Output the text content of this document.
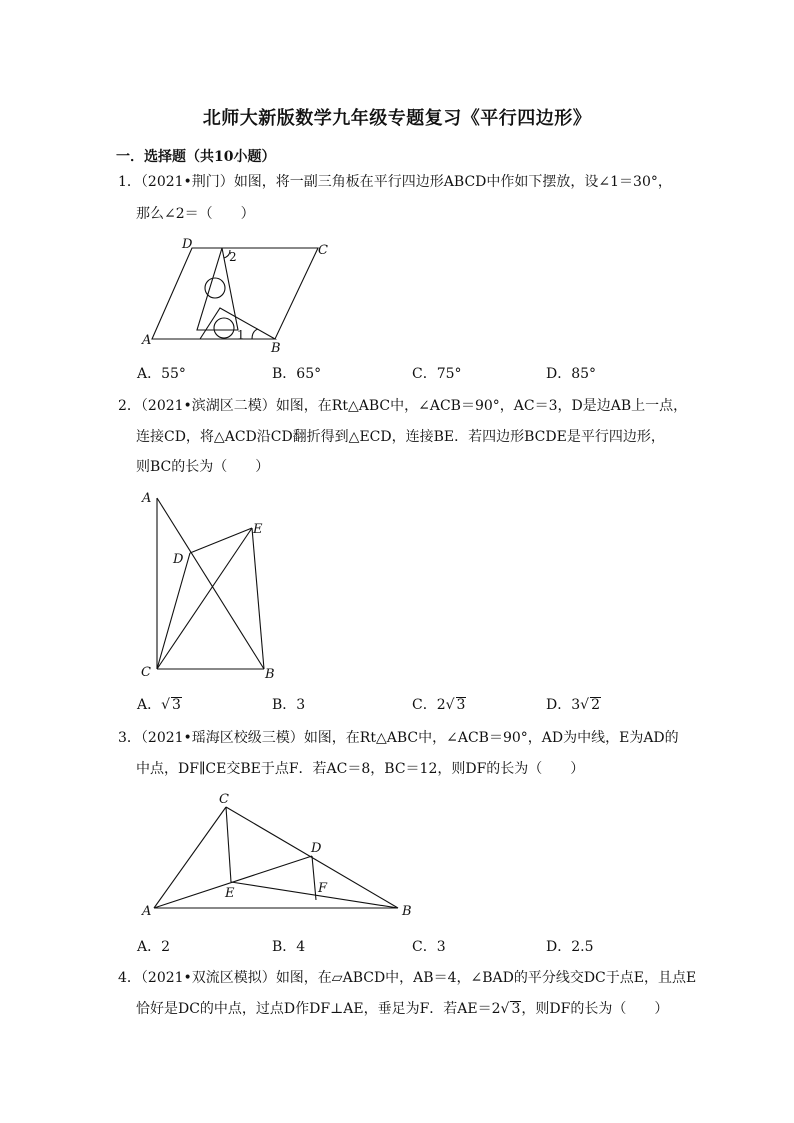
北师大新版数学九年级专题复习《平行四边形》
一．选择题（共10小题）
1．（2021•荆门）如图，将一副三角板在平行四边形ABCD中作如下摆放，设∠1＝30°，
那么∠2＝（　　）
A
B
C
D
2
1
A．55°	B．65°	C．75°	D．85°
2．（2021•滨湖区二模）如图，在Rt△ABC中，∠ACB＝90°，AC＝3，D是边AB上一点，
连接CD，将△ACD沿CD翻折得到△ECD，连接BE．若四边形BCDE是平行四边形，
则BC的长为（　　）
A
D
E
C	B
A．√ 3	B．3	C．2√ 3	D．3√ 2
3．（2021•瑶海区校级三模）如图，在Rt△ABC中，∠ACB＝90°，AD为中线，E为AD的
中点，DF∥CE交BE于点F．若AC＝8，BC＝12，则DF的长为（　　）
C
D
E	F
A	B
A．2	B．4	C．3	D．2.5
4．（2021•双流区模拟）如图，在▱ABCD中，AB＝4，∠BAD的平分线交DC于点E，且点E
恰好是DC的中点，过点D作DF⊥AE，垂足为F．若AE＝2√ 3，则DF的长为（　　）
